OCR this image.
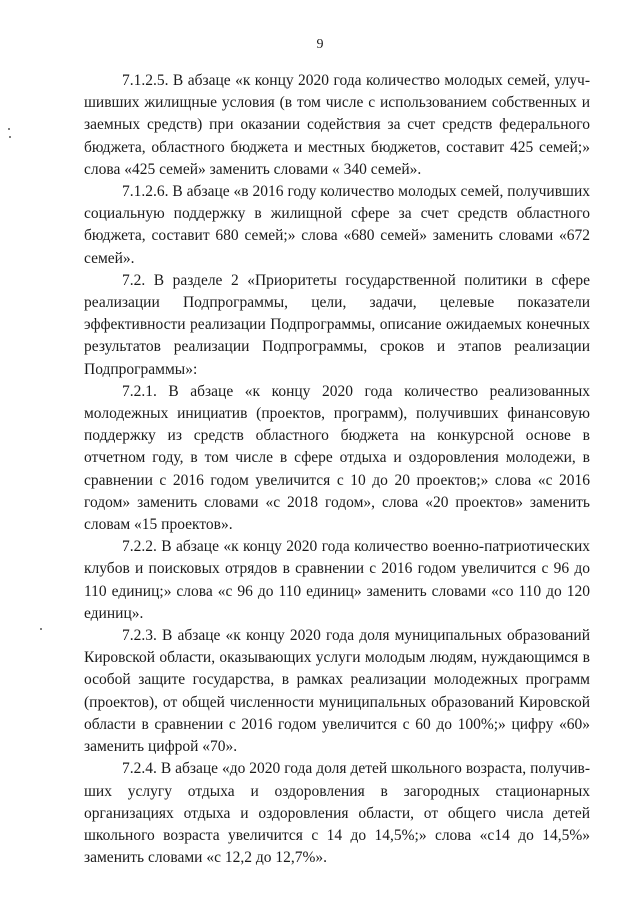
9

7.1.2.5. В абзаце «к концу 2020 года количество молодых семей, улучшивших жилищные условия (в том числе с использованием собственных и заемных средств) при оказании содействия за счет средств федерального бюджета, областного бюджета и местных бюджетов, составит 425 семей;» слова «425 семей» заменить словами « 340 семей».

7.1.2.6. В абзаце «в 2016 году количество молодых семей, получивших социальную поддержку в жилищной сфере за счет средств областного бюджета, составит 680 семей;» слова «680 семей» заменить словами «672 семей».

7.2. В разделе 2 «Приоритеты государственной политики в сфере реализации Подпрограммы, цели, задачи, целевые показатели эффективности реализации Подпрограммы, описание ожидаемых конечных результатов реализации Подпрограммы, сроков и этапов реализации Подпрограммы»:

7.2.1. В абзаце «к концу 2020 года количество реализованных молодежных инициатив (проектов, программ), получивших финансовую поддержку из средств областного бюджета на конкурсной основе в отчетном году, в том числе в сфере отдыха и оздоровления молодежи, в сравнении с 2016 годом увеличится с 10 до 20 проектов;» слова «с 2016 годом» заменить словами «с 2018 годом», слова «20 проектов» заменить словам «15 проектов».

7.2.2. В абзаце «к концу 2020 года количество военно-патриотических клубов и поисковых отрядов в сравнении с 2016 годом увеличится с 96 до 110 единиц;» слова «с 96 до 110 единиц» заменить словами «со 110 до 120 единиц».

7.2.3. В абзаце «к концу 2020 года доля муниципальных образований Кировской области, оказывающих услуги молодым людям, нуждающимся в особой защите государства, в рамках реализации молодежных программ (проектов), от общей численности муниципальных образований Кировской области в сравнении с 2016 годом увеличится с 60 до 100%;» цифру «60» заменить цифрой «70».

7.2.4. В абзаце «до 2020 года доля детей школьного возраста, получивших услугу отдыха и оздоровления в загородных стационарных организациях отдыха и оздоровления области, от общего числа детей школьного возраста увеличится с 14 до 14,5%;» слова «с14 до 14,5%» заменить словами «с 12,2 до 12,7%».
